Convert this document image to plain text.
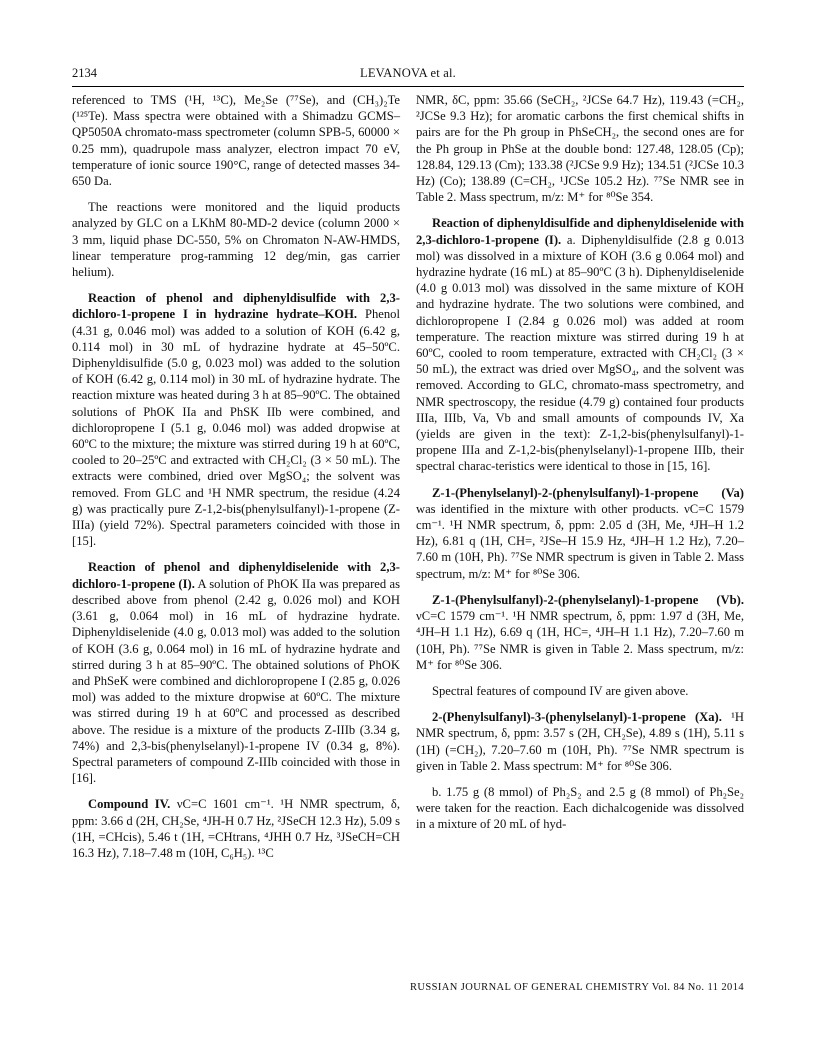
2134	LEVANOVA et al.

referenced to TMS (¹H, ¹³C), Me₂Se (⁷⁷Se), and (CH₃)₂Te (¹²⁵Te). Mass spectra were obtained with a Shimadzu GCMS–QP5050A chromato-mass spectrometer (column SPB-5, 60000 × 0.25 mm), quadrupole mass analyzer, electron impact 70 eV, temperature of ionic source 190°C, range of detected masses 34-650 Da.

The reactions were monitored and the liquid products analyzed by GLC on a LKhM 80-MD-2 device (column 2000 × 3 mm, liquid phase DC-550, 5% on Chromaton N-AW-HMDS, linear temperature prog-ramming 12 deg/min, gas carrier helium).

Reaction of phenol and diphenyldisulfide with 2,3-dichloro-1-propene I in hydrazine hydrate–KOH. Phenol (4.31 g, 0.046 mol) was added to a solution of KOH (6.42 g, 0.114 mol) in 30 mL of hydrazine hydrate at 45–50ºC. Diphenyldisulfide (5.0 g, 0.023 mol) was added to the solution of KOH (6.42 g, 0.114 mol) in 30 mL of hydrazine hydrate. The reaction mixture was heated during 3 h at 85–90ºC. The obtained solutions of PhOK IIa and PhSK IIb were combined, and dichloropropene I (5.1 g, 0.046 mol) was added dropwise at 60ºC to the mixture; the mixture was stirred during 19 h at 60ºC, cooled to 20–25ºC and extracted with CH₂Cl₂ (3 × 50 mL). The extracts were combined, dried over MgSO₄; the solvent was removed. From GLC and ¹H NMR spectrum, the residue (4.24 g) was practically pure Z-1,2-bis(phenylsulfanyl)-1-propene (Z-IIIa) (yield 72%). Spectral parameters coincided with those in [15].

Reaction of phenol and diphenyldiselenide with 2,3-dichloro-1-propene (I). A solution of PhOK IIa was prepared as described above from phenol (2.42 g, 0.026 mol) and KOH (3.61 g, 0.064 mol) in 16 mL of hydrazine hydrate. Diphenyldiselenide (4.0 g, 0.013 mol) was added to the solution of KOH (3.6 g, 0.064 mol) in 16 mL of hydrazine hydrate and stirred during 3 h at 85–90ºC. The obtained solutions of PhOK and PhSeK were combined and dichloropropene I (2.85 g, 0.026 mol) was added to the mixture dropwise at 60ºC. The mixture was stirred during 19 h at 60ºC and processed as described above. The residue is a mixture of the products Z-IIIb (3.34 g, 74%) and 2,3-bis(phenylselanyl)-1-propene IV (0.34 g, 8%). Spectral parameters of compound Z-IIIb coincided with those in [16].

Compound IV. νC=C 1601 cm⁻¹. ¹H NMR spectrum, δ, ppm: 3.66 d (2H, CH₂Se, ⁴JH-H 0.7 Hz, ²JSeCH 12.3 Hz), 5.09 s (1H, =CHcis), 5.46 t (1H, =CHtrans, ⁴JHH 0.7 Hz, ³JSeCH=CH 16.3 Hz), 7.18–7.48 m (10H, C₆H₅). ¹³C

NMR, δC, ppm: 35.66 (SeCH₂, ²JCSe 64.7 Hz), 119.43 (=CH₂, ²JCSe 9.3 Hz); for aromatic carbons the first chemical shifts in pairs are for the Ph group in PhSeCH₂, the second ones are for the Ph group in PhSe at the double bond: 127.48, 128.05 (Cp); 128.84, 129.13 (Cm); 133.38 (²JCSe 9.9 Hz); 134.51 (²JCSe 10.3 Hz) (Co); 138.89 (C=CH₂, ¹JCSe 105.2 Hz). ⁷⁷Se NMR see in Table 2. Mass spectrum, m/z: M⁺ for ⁸⁰Se 354.

Reaction of diphenyldisulfide and diphenyldiselenide with 2,3-dichloro-1-propene (I). a. Diphenyldisulfide (2.8 g 0.013 mol) was dissolved in a mixture of KOH (3.6 g 0.064 mol) and hydrazine hydrate (16 mL) at 85–90ºC (3 h). Diphenyldiselenide (4.0 g 0.013 mol) was dissolved in the same mixture of KOH and hydrazine hydrate. The two solutions were combined, and dichloropropene I (2.84 g 0.026 mol) was added at room temperature. The reaction mixture was stirred during 19 h at 60ºC, cooled to room temperature, extracted with CH₂Cl₂ (3 × 50 mL), the extract was dried over MgSO₄, and the solvent was removed. According to GLC, chromato-mass spectrometry, and NMR spectroscopy, the residue (4.79 g) contained four products IIIa, IIIb, Va, Vb and small amounts of compounds IV, Xa (yields are given in the text): Z-1,2-bis(phenylsulfanyl)-1-propene IIIa and Z-1,2-bis(phenylselanyl)-1-propene IIIb, their spectral charac-teristics were identical to those in [15, 16].

Z-1-(Phenylselanyl)-2-(phenylsulfanyl)-1-propene (Va) was identified in the mixture with other products. νC=C 1579 cm⁻¹. ¹H NMR spectrum, δ, ppm: 2.05 d (3H, Me, ⁴JH–H 1.2 Hz), 6.81 q (1H, CH=, ²JSe–H 15.9 Hz, ⁴JH–H 1.2 Hz), 7.20–7.60 m (10H, Ph). ⁷⁷Se NMR spectrum is given in Table 2. Mass spectrum, m/z: M⁺ for ⁸⁰Se 306.

Z-1-(Phenylsulfanyl)-2-(phenylselanyl)-1-propene (Vb). νC=C 1579 cm⁻¹. ¹H NMR spectrum, δ, ppm: 1.97 d (3H, Me, ⁴JH–H 1.1 Hz), 6.69 q (1H, HC=, ⁴JH–H 1.1 Hz), 7.20–7.60 m (10H, Ph). ⁷⁷Se NMR is given in Table 2. Mass spectrum, m/z: M⁺ for ⁸⁰Se 306.

Spectral features of compound IV are given above.

2-(Phenylsulfanyl)-3-(phenylselanyl)-1-propene (Xa). ¹H NMR spectrum, δ, ppm: 3.57 s (2H, CH₂Se), 4.89 s (1H), 5.11 s (1H) (=CH₂), 7.20–7.60 m (10H, Ph). ⁷⁷Se NMR spectrum is given in Table 2. Mass spectrum: M⁺ for ⁸⁰Se 306.

b. 1.75 g (8 mmol) of Ph₂S₂ and 2.5 g (8 mmol) of Ph₂Se₂ were taken for the reaction. Each dichalcogenide was dissolved in a mixture of 20 mL of hyd-

RUSSIAN JOURNAL OF GENERAL CHEMISTRY Vol. 84 No. 11 2014
